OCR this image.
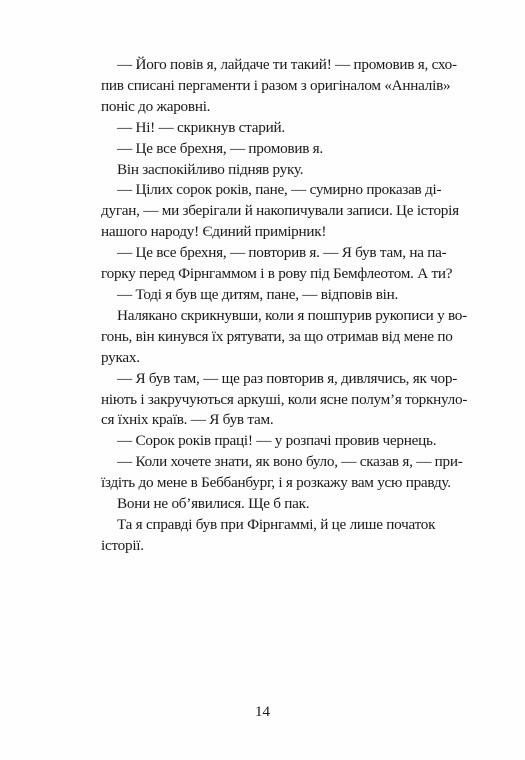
— Його повів я, лайдаче ти такий! — промовив я, схо-
пив списані пергаменти і разом з оригіналом «Анналів»
поніс до жаровні.
— Ні! — скрикнув старий.
— Це все брехня, — промовив я.
Він заспокійливо підняв руку.
— Цілих сорок років, пане, — сумирно проказав ді-
дуган, — ми зберігали й накопичували записи. Це історія
нашого народу! Єдиний примірник!
— Це все брехня, — повторив я. — Я був там, на па-
горку перед Фірнгаммом і в рову під Бемфлеотом. А ти?
— Тоді я був ще дитям, пане, — відповів він.
Налякано скрикнувши, коли я пошпурив рукописи у во-
гонь, він кинувся їх рятувати, за що отримав від мене по
руках.
— Я був там, — ще раз повторив я, дивлячись, як чор-
ніють і закручуються аркуші, коли ясне полум’я торкнуло-
ся їхніх країв. — Я був там.
— Сорок років праці! — у розпачі провив чернець.
— Коли хочете знати, як воно було, — сказав я, — при-
їздіть до мене в Беббанбург, і я розкажу вам усю правду.
Вони не об’явилися. Ще б пак.
Та я справді був при Фірнгаммі, й це лише початок
історії.
14
